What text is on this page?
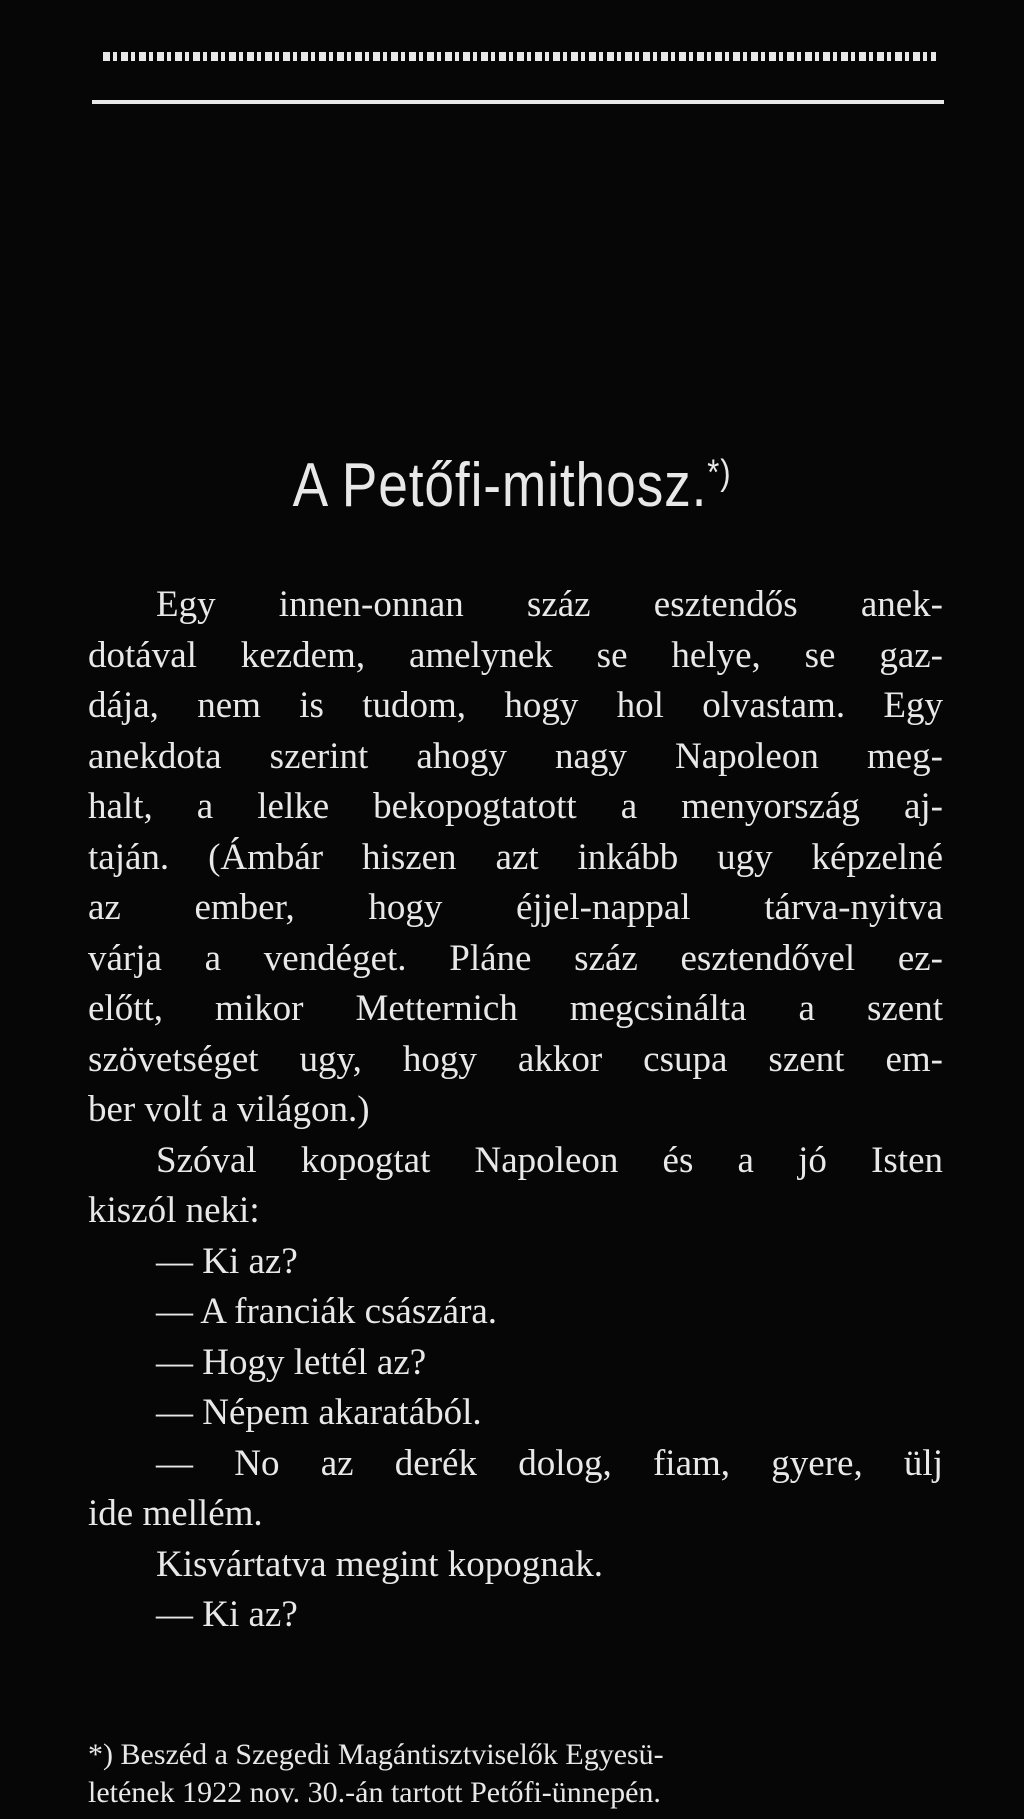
A Petőfi-mithosz.*)
Egy innen-onnan száz esztendős anek-
dotával kezdem, amelynek se helye, se gaz-
dája, nem is tudom, hogy hol olvastam. Egy
anekdota szerint ahogy nagy Napoleon meg-
halt, a lelke bekopogtatott a menyország aj-
taján. (Ámbár hiszen azt inkább ugy képzelné
az ember, hogy éjjel-nappal tárva-nyitva
várja a vendéget. Pláne száz esztendővel ez-
előtt, mikor Metternich megcsinálta a szent
szövetséget ugy, hogy akkor csupa szent em-
ber volt a világon.)
Szóval kopogtat Napoleon és a jó Isten
kiszól neki:
— Ki az?
— A franciák császára.
— Hogy lettél az?
— Népem akaratából.
— No az derék dolog, fiam, gyere, ülj
ide mellém.
Kisvártatva megint kopognak.
— Ki az?
*) Beszéd a Szegedi Magántisztviselők Egyesü-
letének 1922 nov. 30.-án tartott Petőfi-ünnepén.
